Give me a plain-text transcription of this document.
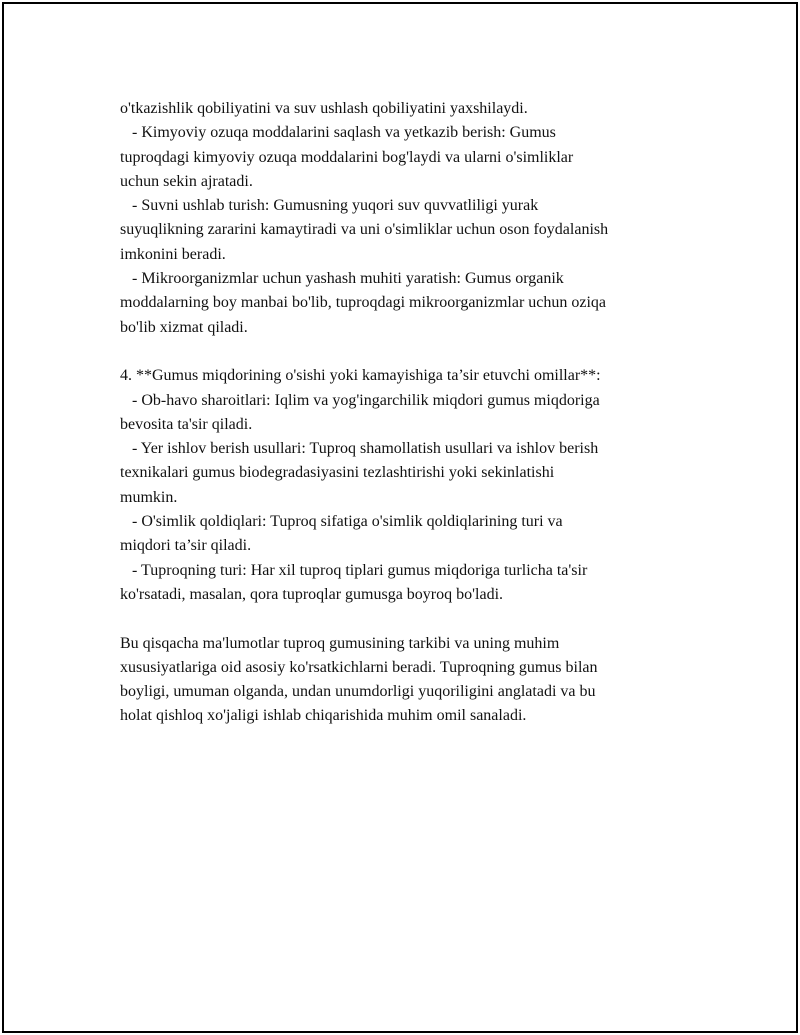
o'tkazishlik qobiliyatini va suv ushlash qobiliyatini yaxshilaydi.
- Kimyoviy ozuqa moddalarini saqlash va yetkazib berish: Gumus
tuproqdagi kimyoviy ozuqa moddalarini bog'laydi va ularni o'simliklar
uchun sekin ajratadi.
- Suvni ushlab turish: Gumusning yuqori suv quvvatliligi yurak
suyuqlikning zararini kamaytiradi va uni o'simliklar uchun oson foydalanish
imkonini beradi.
- Mikroorganizmlar uchun yashash muhiti yaratish: Gumus organik
moddalarning boy manbai bo'lib, tuproqdagi mikroorganizmlar uchun oziqa
bo'lib xizmat qiladi.
4. **Gumus miqdorining o'sishi yoki kamayishiga ta’sir etuvchi omillar**:
- Ob-havo sharoitlari: Iqlim va yog'ingarchilik miqdori gumus miqdoriga
bevosita ta'sir qiladi.
- Yer ishlov berish usullari: Tuproq shamollatish usullari va ishlov berish
texnikalari gumus biodegradasiyasini tezlashtirishi yoki sekinlatishi
mumkin.
- O'simlik qoldiqlari: Tuproq sifatiga o'simlik qoldiqlarining turi va
miqdori ta’sir qiladi.
- Tuproqning turi: Har xil tuproq tiplari gumus miqdoriga turlicha ta'sir
ko'rsatadi, masalan, qora tuproqlar gumusga boyroq bo'ladi.
Bu qisqacha ma'lumotlar tuproq gumusining tarkibi va uning muhim
xususiyatlariga oid asosiy ko'rsatkichlarni beradi. Tuproqning gumus bilan
boyligi, umuman olganda, undan unumdorligi yuqoriligini anglatadi va bu
holat qishloq xo'jaligi ishlab chiqarishida muhim omil sanaladi.
